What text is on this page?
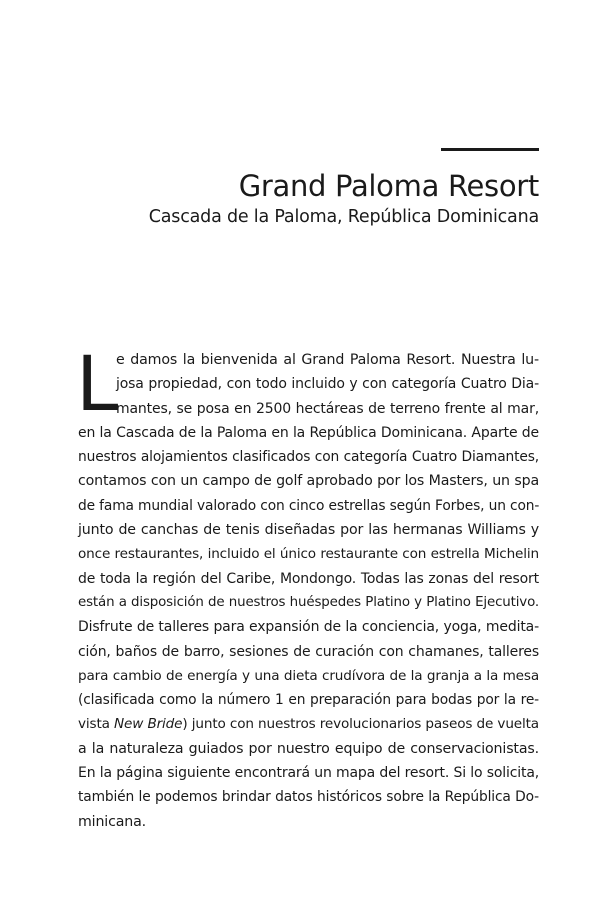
Grand Paloma Resort
Cascada de la Paloma, República Dominicana
L
e damos la bienvenida al Grand Paloma Resort. Nuestra lu-
josa propiedad, con todo incluido y con categoría Cuatro Dia-
mantes, se posa en 2500 hectáreas de terreno frente al mar,
en la Cascada de la Paloma en la República Dominicana. Aparte de
nuestros alojamientos clasificados con categoría Cuatro Diamantes,
contamos con un campo de golf aprobado por los Masters, un spa
de fama mundial valorado con cinco estrellas según Forbes, un con-
junto de canchas de tenis diseñadas por las hermanas Williams y
once restaurantes, incluido el único restaurante con estrella Michelin
de toda la región del Caribe, Mondongo. Todas las zonas del resort
están a disposición de nuestros huéspedes Platino y Platino Ejecutivo.
Disfrute de talleres para expansión de la conciencia, yoga, medita-
ción, baños de barro, sesiones de curación con chamanes, talleres
para cambio de energía y una dieta crudívora de la granja a la mesa
(clasificada como la número 1 en preparación para bodas por la re-
vista New Bride) junto con nuestros revolucionarios paseos de vuelta
a la naturaleza guiados por nuestro equipo de conservacionistas.
En la página siguiente encontrará un mapa del resort. Si lo solicita,
también le podemos brindar datos históricos sobre la República Do-
minicana.
